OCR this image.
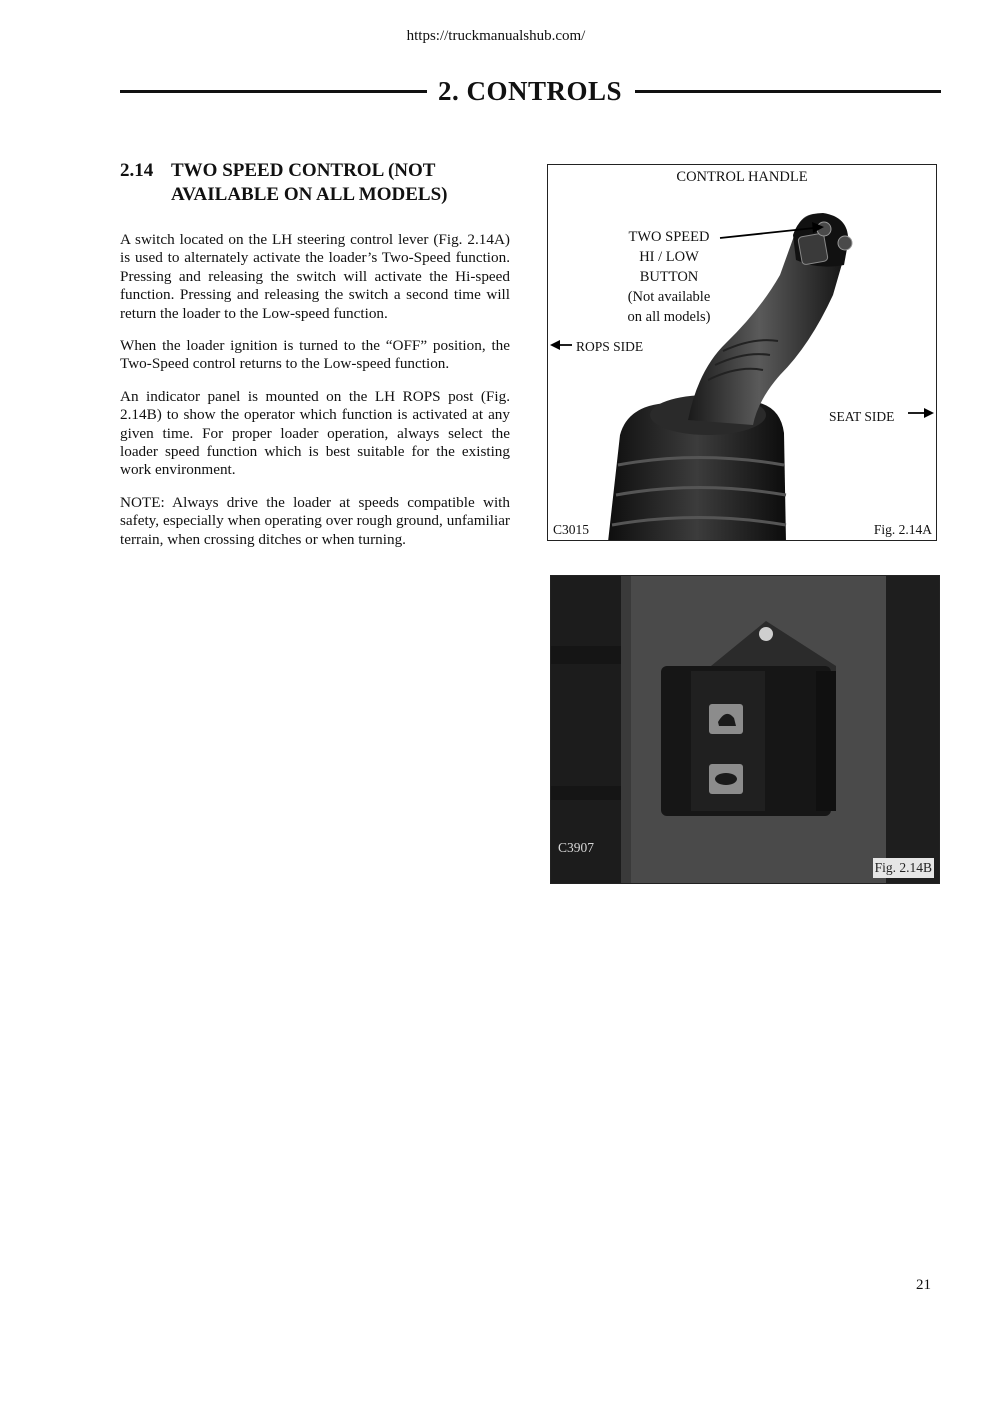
https://truckmanualshub.com/
2. CONTROLS
2.14 TWO SPEED CONTROL (NOT
AVAILABLE ON ALL MODELS)

A switch located on the LH steering control lever (Fig. 2.14A) is used to alternately activate the loader’s Two-Speed function. Pressing and releasing the switch will activate the Hi-speed function. Pressing and releasing the switch a second time will return the loader to the Low-speed function.

When the loader ignition is turned to the “OFF” position, the Two-Speed control returns to the Low-speed function.

An indicator panel is mounted on the LH ROPS post (Fig. 2.14B) to show the operator which function is activated at any given time. For proper loader operation, always select the loader speed function which is best suitable for the existing work environment.

NOTE: Always drive the loader at speeds compatible with safety, especially when operating over rough ground, unfamiliar terrain, when crossing ditches or when turning.

CONTROL HANDLE
TWO SPEED
HI / LOW
BUTTON
(Not available
on all models)
ROPS SIDE
SEAT SIDE
C3015	Fig. 2.14A
C3907
Fig. 2.14B
21
